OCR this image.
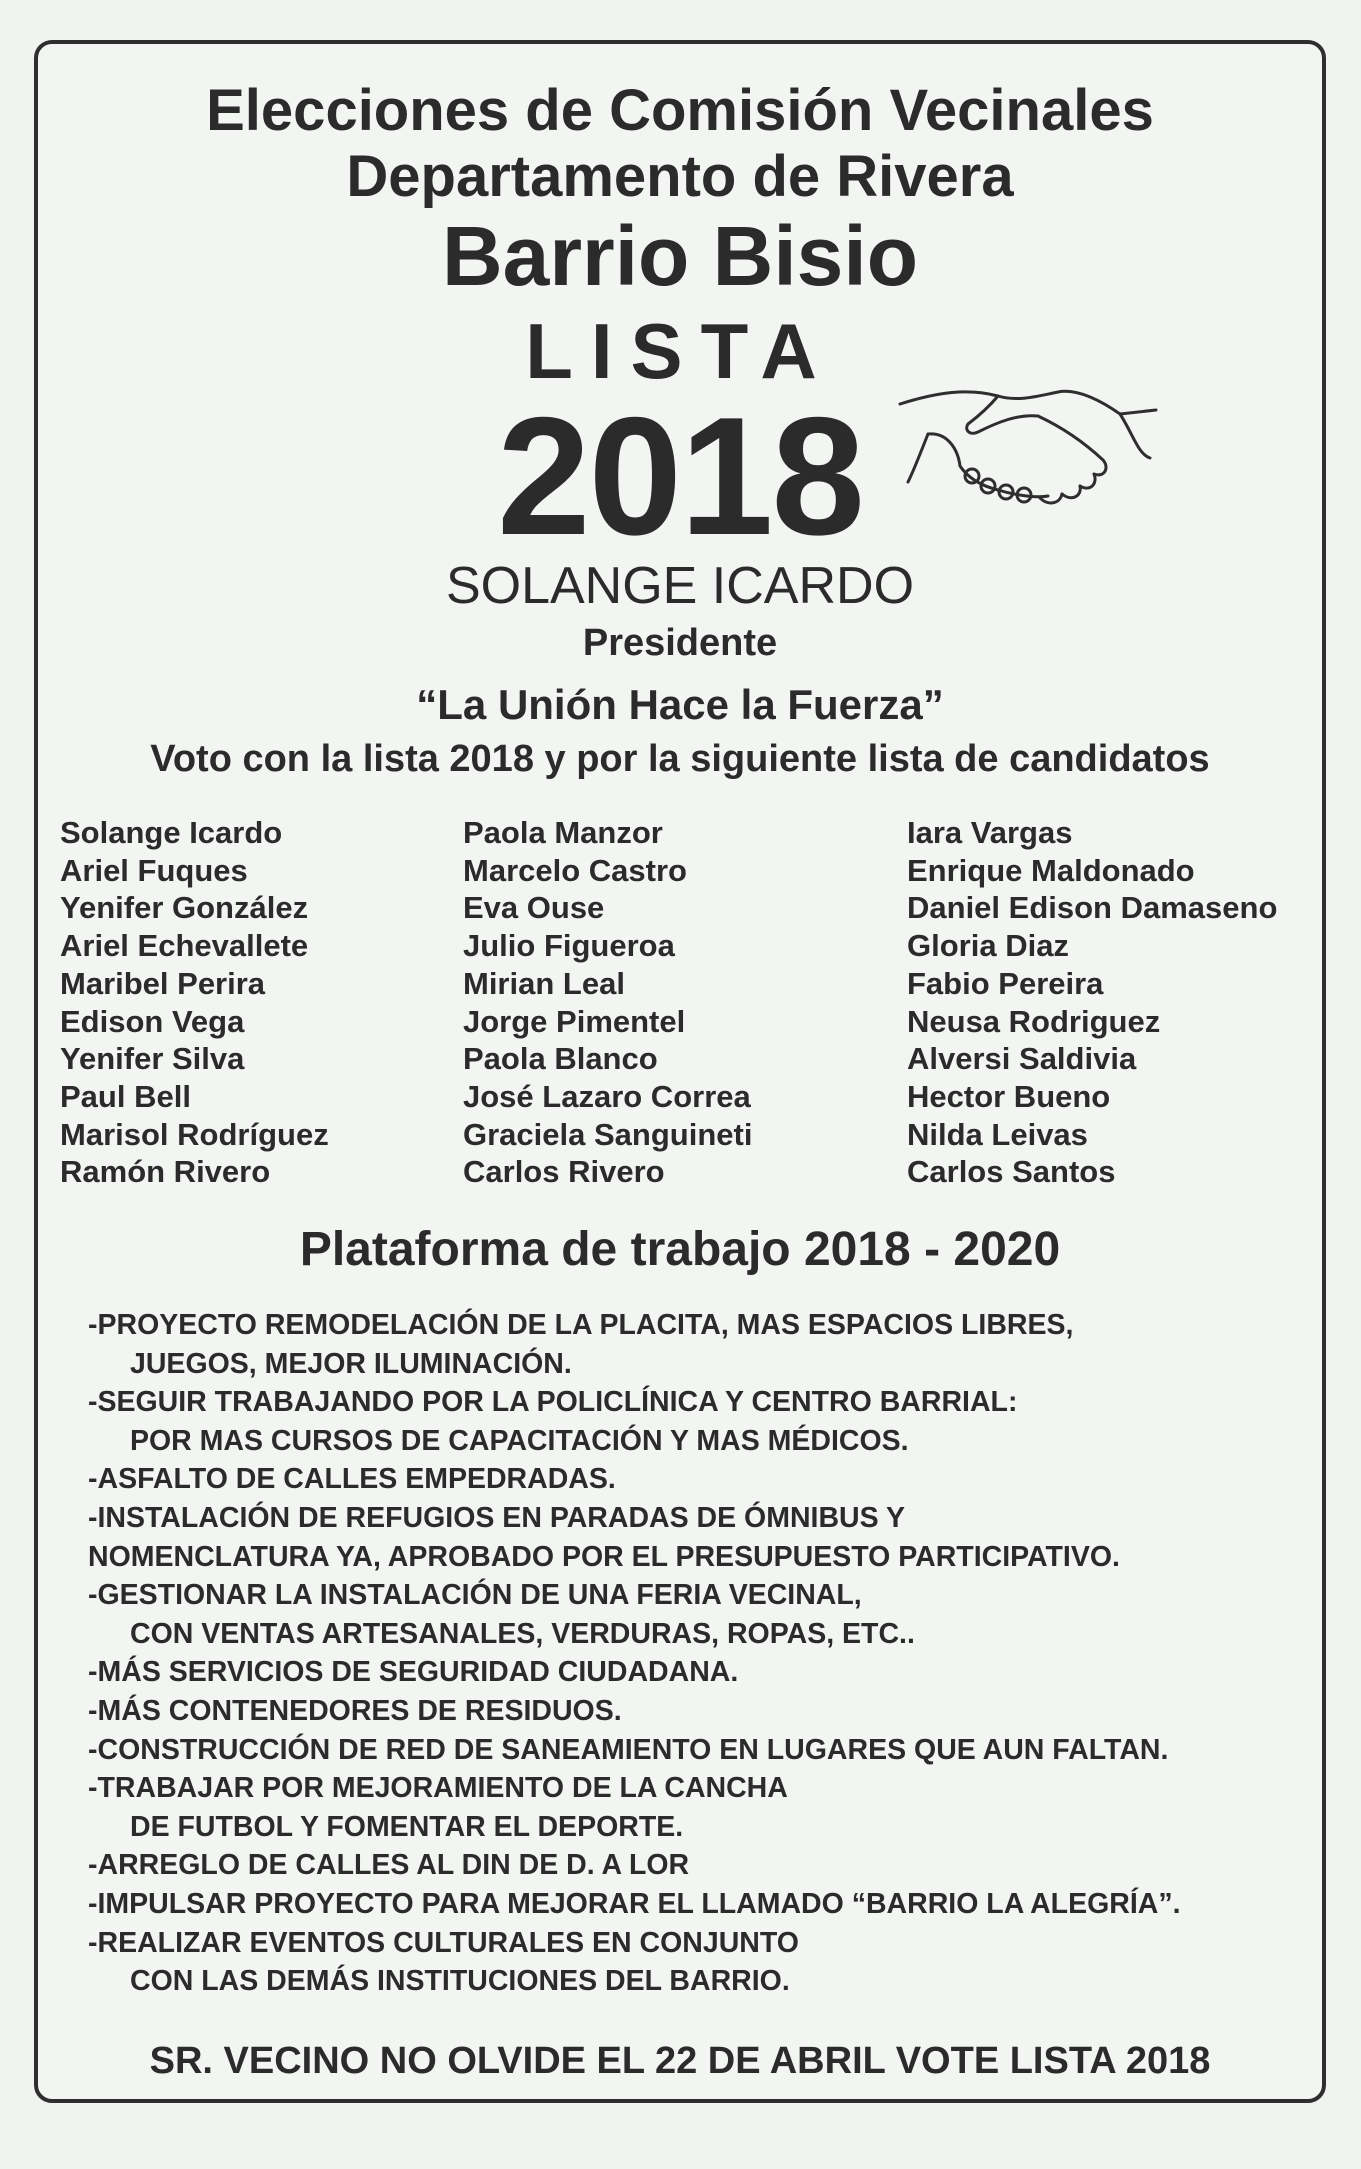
Elecciones de Comisión Vecinales
Departamento de Rivera
Barrio Bisio
LISTA
2018
SOLANGE ICARDO
Presidente
“La Unión Hace la Fuerza”
Voto con la lista 2018 y por la siguiente lista de candidatos
Solange Icardo
Ariel Fuques
Yenifer González
Ariel Echevallete
Maribel Perira
Edison Vega
Yenifer Silva
Paul Bell
Marisol Rodríguez
Ramón Rivero
Paola Manzor
Marcelo Castro
Eva Ouse
Julio Figueroa
Mirian Leal
Jorge Pimentel
Paola Blanco
José Lazaro Correa
Graciela Sanguineti
Carlos Rivero
Iara Vargas
Enrique Maldonado
Daniel Edison Damaseno
Gloria Diaz
Fabio Pereira
Neusa Rodriguez
Alversi Saldivia
Hector Bueno
Nilda Leivas
Carlos Santos
Plataforma de trabajo 2018 - 2020
-PROYECTO REMODELACIÓN DE LA PLACITA, MAS ESPACIOS LIBRES,
JUEGOS, MEJOR ILUMINACIÓN.
-SEGUIR TRABAJANDO POR LA POLICLÍNICA Y CENTRO BARRIAL:
POR MAS CURSOS DE CAPACITACIÓN Y MAS MÉDICOS.
-ASFALTO DE CALLES EMPEDRADAS.
-INSTALACIÓN DE REFUGIOS EN PARADAS DE ÓMNIBUS Y
NOMENCLATURA YA, APROBADO POR EL PRESUPUESTO PARTICIPATIVO.
-GESTIONAR LA INSTALACIÓN DE UNA FERIA VECINAL,
CON VENTAS ARTESANALES, VERDURAS, ROPAS, ETC..
-MÁS SERVICIOS DE SEGURIDAD CIUDADANA.
-MÁS CONTENEDORES DE RESIDUOS.
-CONSTRUCCIÓN DE RED DE SANEAMIENTO EN LUGARES QUE AUN FALTAN.
-TRABAJAR POR MEJORAMIENTO DE LA CANCHA
DE FUTBOL Y FOMENTAR EL DEPORTE.
-ARREGLO DE CALLES AL DIN DE D. A LOR
-IMPULSAR PROYECTO PARA MEJORAR EL LLAMADO “BARRIO LA ALEGRÍA”.
-REALIZAR EVENTOS CULTURALES EN CONJUNTO
CON LAS DEMÁS INSTITUCIONES DEL BARRIO.
SR. VECINO NO OLVIDE EL 22 DE ABRIL VOTE LISTA 2018
